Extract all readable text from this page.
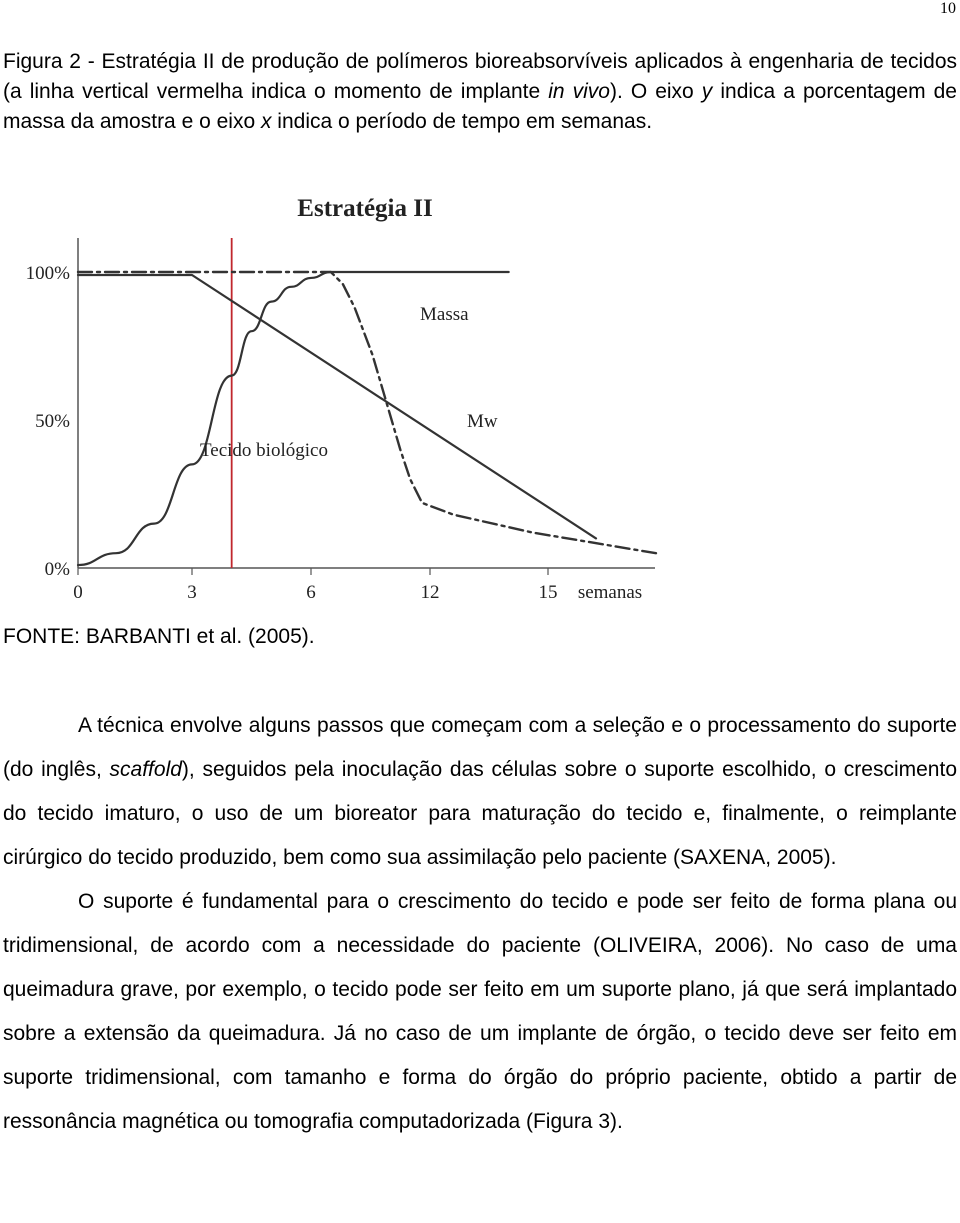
10
Figura 2 - Estratégia II de produção de polímeros bioreabsorvíveis aplicados à engenharia de tecidos (a linha vertical vermelha indica o momento de implante in vivo). O eixo y indica a porcentagem de massa da amostra e o eixo x indica o período de tempo em semanas.
Estratégia II
0	3	6	12	15 semanas
100%
50%
0%
Massa
Mw
Tecido biológico
FONTE: BARBANTI et al. (2005).

A técnica envolve alguns passos que começam com a seleção e o processamento do suporte (do inglês, scaffold), seguidos pela inoculação das células sobre o suporte escolhido, o crescimento do tecido imaturo, o uso de um bioreator para maturação do tecido e, finalmente, o reimplante cirúrgico do tecido produzido, bem como sua assimilação pelo paciente (SAXENA, 2005).

O suporte é fundamental para o crescimento do tecido e pode ser feito de forma plana ou tridimensional, de acordo com a necessidade do paciente (OLIVEIRA, 2006). No caso de uma queimadura grave, por exemplo, o tecido pode ser feito em um suporte plano, já que será implantado sobre a extensão da queimadura. Já no caso de um implante de órgão, o tecido deve ser feito em suporte tridimensional, com tamanho e forma do órgão do próprio paciente, obtido a partir de ressonância magnética ou tomografia computadorizada (Figura 3).
